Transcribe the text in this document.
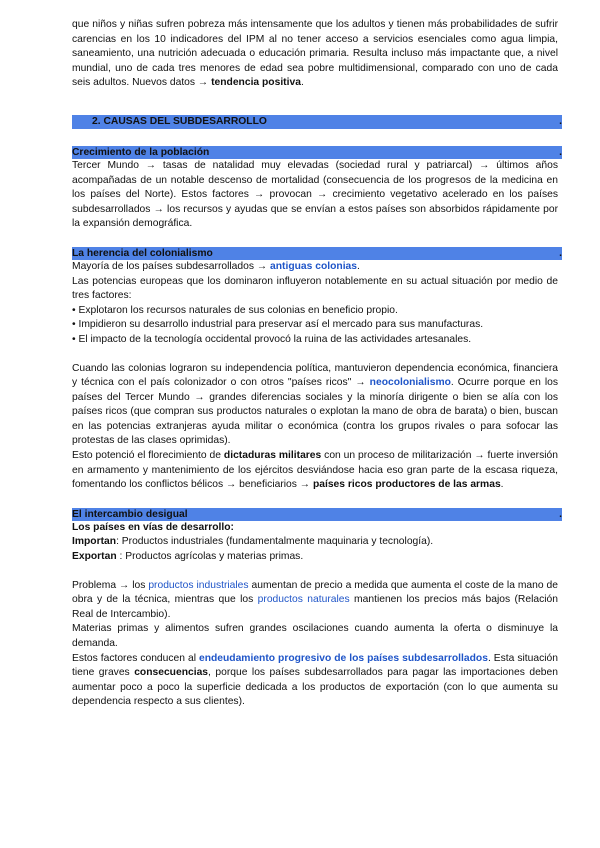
que niños y niñas sufren pobreza más intensamente que los adultos y tienen más probabilidades de sufrir carencias en los 10 indicadores del IPM al no tener acceso a servicios esenciales como agua limpia, saneamiento, una nutrición adecuada o educación primaria. Resulta incluso más impactante que, a nivel mundial, uno de cada tres menores de edad sea pobre multidimensional, comparado con uno de cada seis adultos. Nuevos datos → tendencia positiva.

2. CAUSAS DEL SUBDESARROLLO	.
Crecimiento de la población	.

Tercer Mundo → tasas de natalidad muy elevadas (sociedad rural y patriarcal) → últimos años acompañadas de un notable descenso de mortalidad (consecuencia de los progresos de la medicina en los países del Norte). Estos factores → provocan → crecimiento vegetativo acelerado en los países subdesarrollados → los recursos y ayudas que se envían a estos países son absorbidos rápidamente por la expansión demográfica.

La herencia del colonialismo	.

Mayoría de los países subdesarrollados → antiguas colonias.

Las potencias europeas que los dominaron influyeron notablemente en su actual situación por medio de tres factores:

• Explotaron los recursos naturales de sus colonias en beneficio propio.

• Impidieron su desarrollo industrial para preservar así el mercado para sus manufacturas.

• El impacto de la tecnología occidental provocó la ruina de las actividades artesanales.

Cuando las colonias lograron su independencia política, mantuvieron dependencia económica, financiera y técnica con el país colonizador o con otros "países ricos" → neocolonialismo. Ocurre porque en los países del Tercer Mundo → grandes diferencias sociales y la minoría dirigente o bien se alía con los países ricos (que compran sus productos naturales o explotan la mano de obra de barata) o bien, buscan en las potencias extranjeras ayuda militar o económica (contra los grupos rivales o para sofocar las protestas de las clases oprimidas).

Esto potenció el florecimiento de dictaduras militares con un proceso de militarización → fuerte inversión en armamento y mantenimiento de los ejércitos desviándose hacia eso gran parte de la escasa riqueza, fomentando los conflictos bélicos → beneficiarios → países ricos productores de las armas.

El intercambio desigual	.

Los países en vías de desarrollo:

Importan: Productos industriales (fundamentalmente maquinaria y tecnología).

Exportan : Productos agrícolas y materias primas.

Problema → los productos industriales aumentan de precio a medida que aumenta el coste de la mano de obra y de la técnica, mientras que los productos naturales mantienen los precios más bajos (Relación Real de Intercambio).

Materias primas y alimentos sufren grandes oscilaciones cuando aumenta la oferta o disminuye la demanda.

Estos factores conducen al endeudamiento progresivo de los países subdesarrollados. Esta situación tiene graves consecuencias, porque los países subdesarrollados para pagar las importaciones deben aumentar poco a poco la superficie dedicada a los productos de exportación (con lo que aumenta su dependencia respecto a sus clientes).
